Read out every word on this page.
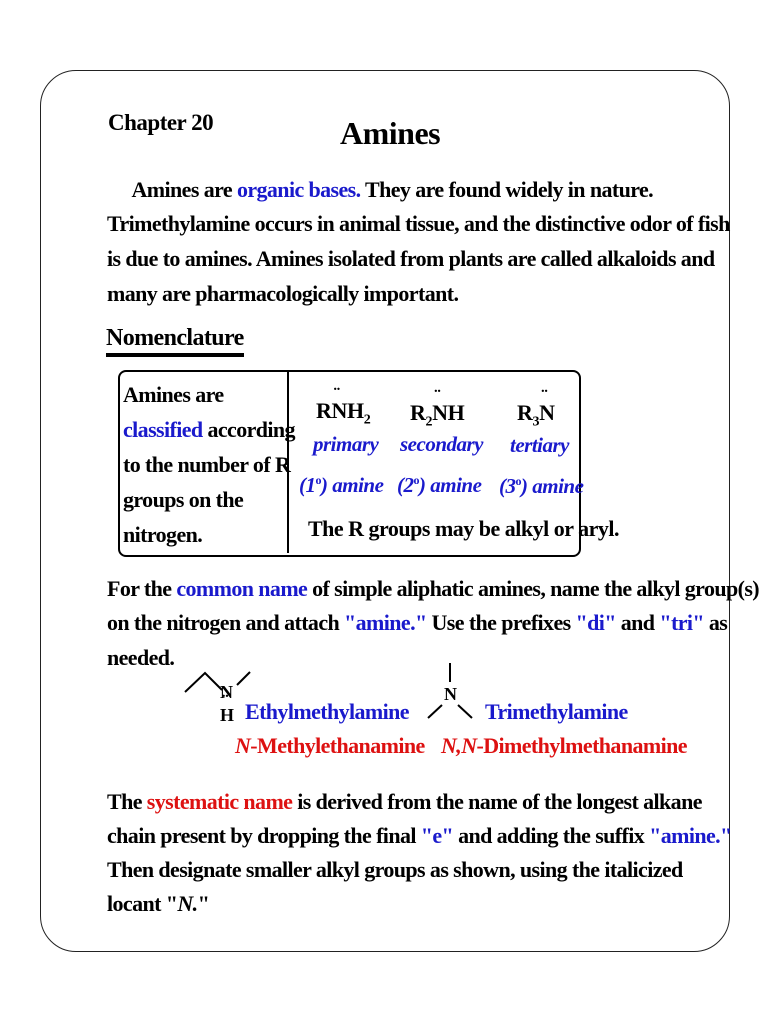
Chapter 20	Amines
Amines are organic bases. They are found widely in nature.
Trimethylamine occurs in animal tissue, and the distinctive odor of fish
is due to amines. Amines isolated from plants are called alkaloids and
many are pharmacologically important.
Nomenclature
Amines are
classified according
to the number of R
groups on the
nitrogen.
R¨ $NH_2$ $R_2¨$ NH $R_3¨$ N
primary secondary tertiary
(1$^o$) amine (2$^o$) amine (3$^o$) amine
The R groups may be alkyl or aryl.
For the common name of simple aliphatic amines, name the alkyl group(s)
on the nitrogen and attach "amine." Use the prefixes "di" and "tri" as
needed.
N
¨ H
N
Ethylmethylamine
N-Methylethanamine
Trimethylamine
N,N-Dimethylmethanamine
The systematic name is derived from the name of the longest alkane
chain present by dropping the final "e" and adding the suffix "amine."
Then designate smaller alkyl groups as shown, using the italicized
locant "N."
